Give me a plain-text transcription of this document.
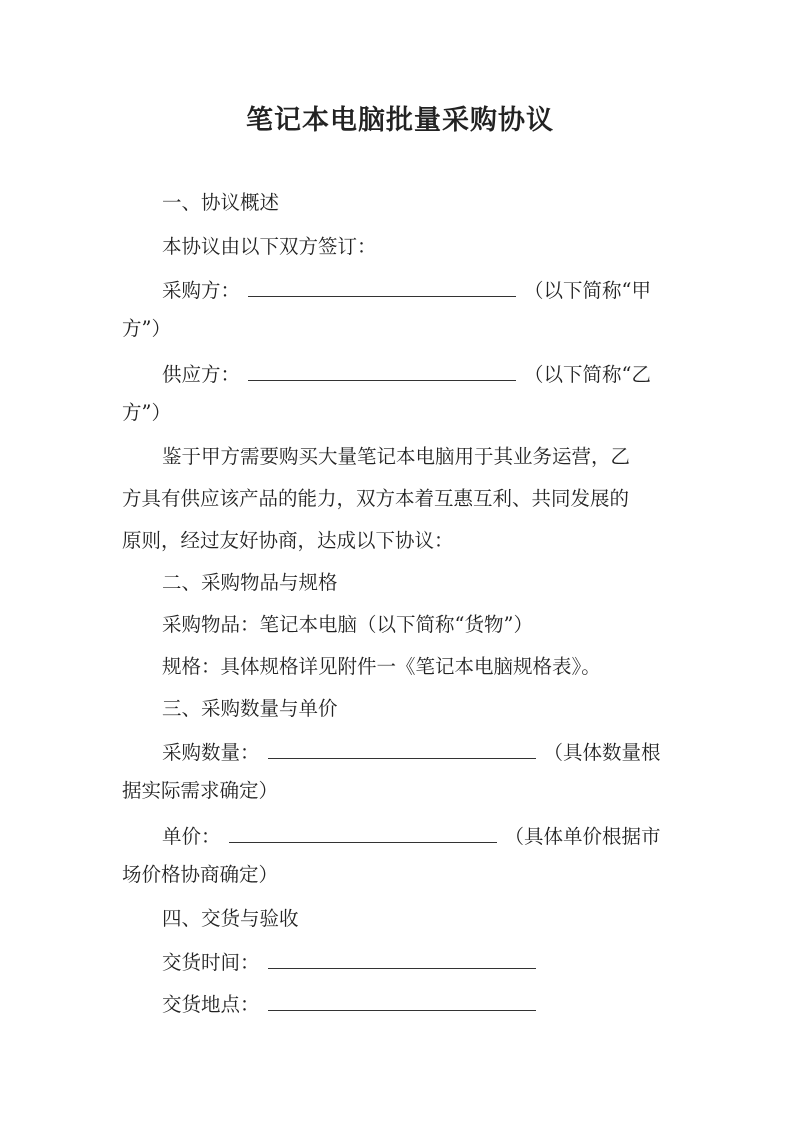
笔记本电脑批量采购协议
一、协议概述
本协议由以下双方签订：
采购方：	（以下简称“甲
方”）
供应方：	（以下简称“乙
方”）
鉴于甲方需要购买大量笔记本电脑用于其业务运营，乙
方具有供应该产品的能力，双方本着互惠互利、共同发展的
原则，经过友好协商，达成以下协议：
二、采购物品与规格
采购物品：笔记本电脑（以下简称“货物”）
规格：具体规格详见附件一《笔记本电脑规格表》。
三、采购数量与单价
采购数量：	（具体数量根
据实际需求确定）
单价：	（具体单价根据市
场价格协商确定）
四、交货与验收
交货时间：
交货地点：
